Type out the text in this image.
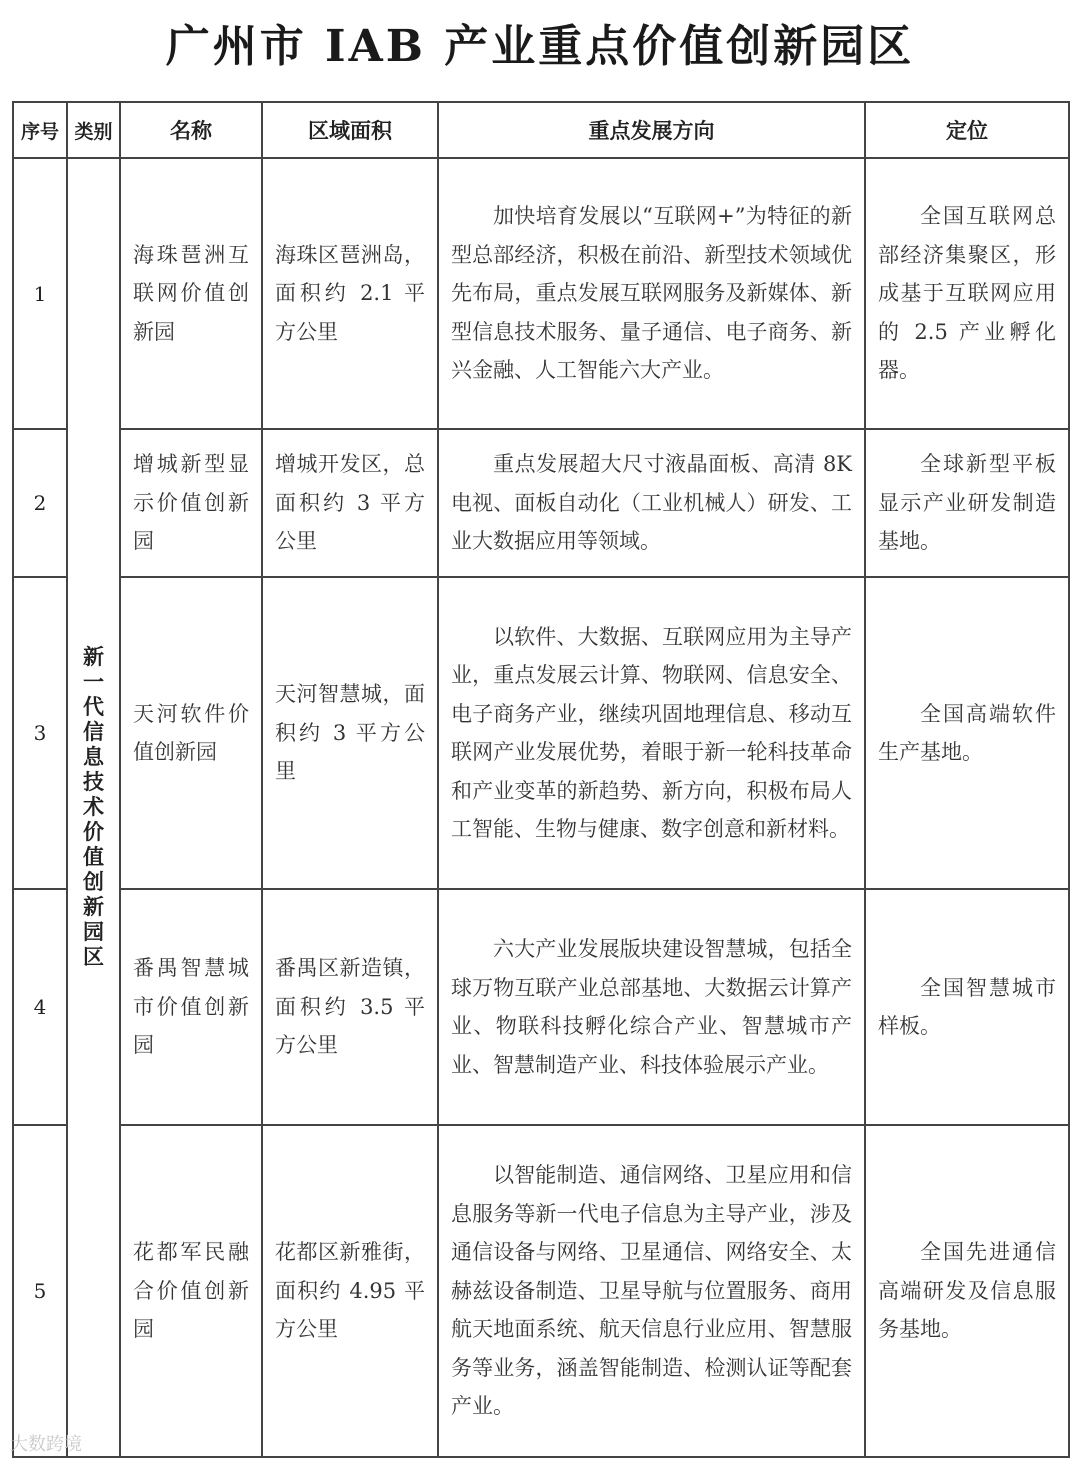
广州市 IAB 产业重点价值创新园区
序号	类别	名称	区域面积	重点发展方向	定位
1	新一代信息技术价值创新园区	海珠琶洲互联网价值创新园	海珠区琶洲岛，面积约 2.1 平方公里	加快培育发展以“互联网+”为特征的新型总部经济，积极在前沿、新型技术领域优先布局，重点发展互联网服务及新媒体、新型信息技术服务、量子通信、电子商务、新兴金融、人工智能六大产业。	全国互联网总部经济集聚区，形成基于互联网应用的 2.5 产业孵化器。

2		增城新型显示价值创新园	增城开发区，总面积约 3 平方公里	重点发展超大尺寸液晶面板、高清 8K 电视、面板自动化（工业机械人）研发、工业大数据应用等领域。	全球新型平板显示产业研发制造基地。

3		天河软件价值创新园	天河智慧城，面积约 3 平方公里	以软件、大数据、互联网应用为主导产业，重点发展云计算、物联网、信息安全、电子商务产业，继续巩固地理信息、移动互联网产业发展优势，着眼于新一轮科技革命和产业变革的新趋势、新方向，积极布局人工智能、生物与健康、数字创意和新材料。	全国高端软件生产基地。

4		番禺智慧城市价值创新园	番禺区新造镇，面积约 3.5 平方公里	六大产业发展版块建设智慧城，包括全球万物互联产业总部基地、大数据云计算产业、物联科技孵化综合产业、智慧城市产业、智慧制造产业、科技体验展示产业。	全国智慧城市样板。

5		花都军民融合价值创新园	花都区新雅街，面积约 4.95 平方公里	以智能制造、通信网络、卫星应用和信息服务等新一代电子信息为主导产业，涉及通信设备与网络、卫星通信、网络安全、太赫兹设备制造、卫星导航与位置服务、商用航天地面系统、航天信息行业应用、智慧服务等业务，涵盖智能制造、检测认证等配套产业。	全国先进通信高端研发及信息服务基地。
大数跨境
